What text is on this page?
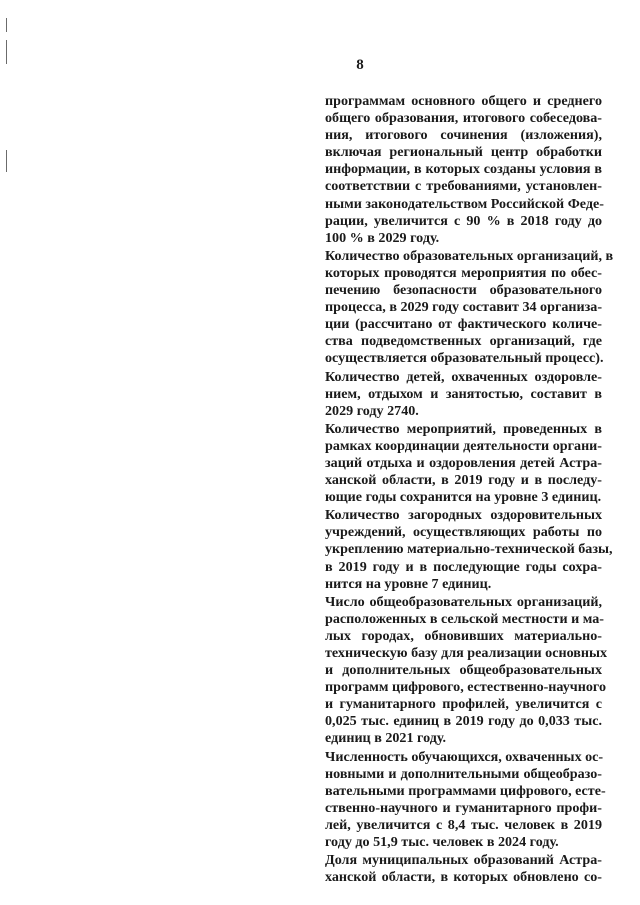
8
программам основного общего и среднего
общего образования, итогового собеседова-
ния, итогового сочинения (изложения),
включая региональный центр обработки
информации, в которых созданы условия в
соответствии с требованиями, установлен-
ными законодательством Российской Феде-
рации, увеличится с 90 % в 2018 году до
100 % в 2029 году.
Количество образовательных организаций, в
которых проводятся мероприятия по обес-
печению безопасности образовательного
процесса, в 2029 году составит 34 организа-
ции (рассчитано от фактического количе-
ства подведомственных организаций, где
осуществляется образовательный процесс).
Количество детей, охваченных оздоровле-
нием, отдыхом и занятостью, составит в
2029 году 2740.
Количество мероприятий, проведенных в
рамках координации деятельности органи-
заций отдыха и оздоровления детей Астра-
ханской области, в 2019 году и в последу-
ющие годы сохранится на уровне 3 единиц.
Количество загородных оздоровительных
учреждений, осуществляющих работы по
укреплению материально-технической базы,
в 2019 году и в последующие годы сохра-
нится на уровне 7 единиц.
Число общеобразовательных организаций,
расположенных в сельской местности и ма-
лых городах, обновивших материально-
техническую базу для реализации основных
и дополнительных общеобразовательных
программ цифрового, естественно-научного
и гуманитарного профилей, увеличится с
0,025 тыс. единиц в 2019 году до 0,033 тыс.
единиц в 2021 году.
Численность обучающихся, охваченных ос-
новными и дополнительными общеобразо-
вательными программами цифрового, есте-
ственно-научного и гуманитарного профи-
лей, увеличится с 8,4 тыс. человек в 2019
году до 51,9 тыс. человек в 2024 году.
Доля муниципальных образований Астра-
ханской области, в которых обновлено со-
